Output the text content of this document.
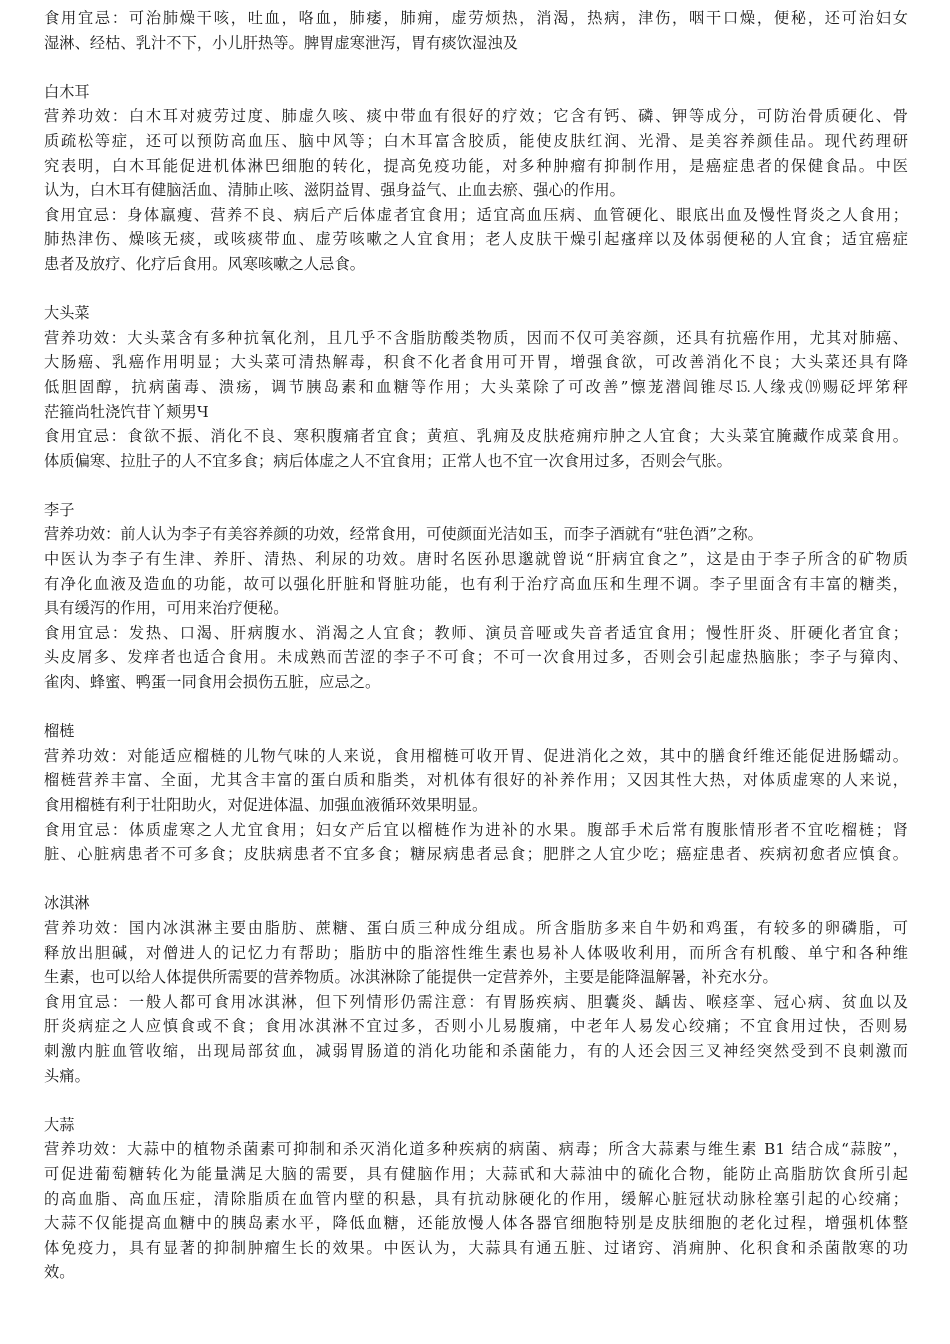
食用宜忌：可治肺燥干咳，吐血，咯血，肺痿，肺痈，虚劳烦热，消渴，热病，津伤，咽干口燥，便秘，还可治妇女
湿淋、经枯、乳汁不下，小儿肝热等。脾胃虚寒泄泻，胃有痰饮湿浊及
白木耳
营养功效：白木耳对疲劳过度、肺虚久咳、痰中带血有很好的疗效；它含有钙、磷、钾等成分，可防治骨质硬化、骨
质疏松等症，还可以预防高血压、脑中风等；白木耳富含胶质，能使皮肤红润、光滑、是美容养颜佳品。现代药理研
究表明，白木耳能促进机体淋巴细胞的转化，提高免疫功能，对多种肿瘤有抑制作用，是癌症患者的保健食品。中医
认为，白木耳有健脑活血、清肺止咳、滋阴益胃、强身益气、止血去瘀、强心的作用。
食用宜忌：身体羸瘦、营养不良、病后产后体虚者宜食用；适宜高血压病、血管硬化、眼底出血及慢性肾炎之人食用；
肺热津伤、燥咳无痰，或咳痰带血、虚劳咳嗽之人宜食用；老人皮肤干燥引起瘙痒以及体弱便秘的人宜食；适宜癌症
患者及放疗、化疗后食用。风寒咳嗽之人忌食。
大头菜
营养功效：大头菜含有多种抗氧化剂，且几乎不含脂肪酸类物质，因而不仅可美容颜，还具有抗癌作用，尤其对肺癌、
大肠癌、乳癌作用明显；大头菜可清热解毒，积食不化者食用可开胃，增强食欲，可改善消化不良；大头菜还具有降
低胆固醇，抗病菌毒、溃疡，调节胰岛素和血糖等作用；大头菜除了可改善”懔茏潜闾锥尽⒖人缘戎⒆赐砭坪笫秤
茫箍尚牡浇饩苷丫颊男Ч
食用宜忌：食欲不振、消化不良、寒积腹痛者宜食；黄疸、乳痈及皮肤疮痈疖肿之人宜食；大头菜宜腌藏作成菜食用。
体质偏寒、拉肚子的人不宜多食；病后体虚之人不宜食用；正常人也不宜一次食用过多，否则会气胀。
李子
营养功效：前人认为李子有美容养颜的功效，经常食用，可使颜面光洁如玉，而李子酒就有“驻色酒”之称。
中医认为李子有生津、养肝、清热、利尿的功效。唐时名医孙思邈就曾说“肝病宜食之”，这是由于李子所含的矿物质
有净化血液及造血的功能，故可以强化肝脏和肾脏功能，也有利于治疗高血压和生理不调。李子里面含有丰富的糖类，
具有缓泻的作用，可用来治疗便秘。
食用宜忌：发热、口渴、肝病腹水、消渴之人宜食；教师、演员音哑或失音者适宜食用；慢性肝炎、肝硬化者宜食；
头皮屑多、发痒者也适合食用。未成熟而苦涩的李子不可食；不可一次食用过多，否则会引起虚热脑胀；李子与獐肉、
雀肉、蜂蜜、鸭蛋一同食用会损伤五脏，应忌之。
榴梿
营养功效：对能适应榴梿的儿物气味的人来说，食用榴梿可收开胃、促进消化之效，其中的膳食纤维还能促进肠蠕动。
榴梿营养丰富、全面，尤其含丰富的蛋白质和脂类，对机体有很好的补养作用；又因其性大热，对体质虚寒的人来说，
食用榴梿有利于壮阳助火，对促进体温、加强血液循环效果明显。
食用宜忌：体质虚寒之人尤宜食用；妇女产后宜以榴梿作为进补的水果。腹部手术后常有腹胀情形者不宜吃榴梿；肾
脏、心脏病患者不可多食；皮肤病患者不宜多食；糖尿病患者忌食；肥胖之人宜少吃；癌症患者、疾病初愈者应慎食。
冰淇淋
营养功效：国内冰淇淋主要由脂肪、蔗糖、蛋白质三种成分组成。所含脂肪多来自牛奶和鸡蛋，有较多的卵磷脂，可
释放出胆碱，对僧进人的记忆力有帮助；脂肪中的脂溶性维生素也易补人体吸收利用，而所含有机酸、单宁和各种维
生素，也可以给人体提供所需要的营养物质。冰淇淋除了能提供一定营养外，主要是能降温解暑，补充水分。
食用宜忌：一般人都可食用冰淇淋，但下列情形仍需注意：有胃肠疾病、胆囊炎、龋齿、喉痉挛、冠心病、贫血以及
肝炎病症之人应慎食或不食；食用冰淇淋不宜过多，否则小儿易腹痛，中老年人易发心绞痛；不宜食用过快，否则易
刺激内脏血管收缩，出现局部贫血，减弱胃肠道的消化功能和杀菌能力，有的人还会因三叉神经突然受到不良刺激而
头痛。
大蒜
营养功效：大蒜中的植物杀菌素可抑制和杀灭消化道多种疾病的病菌、病毒；所含大蒜素与维生素 B1 结合成“蒜胺”，
可促进葡萄糖转化为能量满足大脑的需要，具有健脑作用；大蒜甙和大蒜油中的硫化合物，能防止高脂肪饮食所引起
的高血脂、高血压症，清除脂质在血管内壁的积悬，具有抗动脉硬化的作用，缓解心脏冠状动脉栓塞引起的心绞痛；
大蒜不仅能提高血糖中的胰岛素水平，降低血糖，还能放慢人体各器官细胞特别是皮肤细胞的老化过程，增强机体整
体免疫力，具有显著的抑制肿瘤生长的效果。中医认为，大蒜具有通五脏、过诸窍、消痈肿、化积食和杀菌散寒的功
效。
